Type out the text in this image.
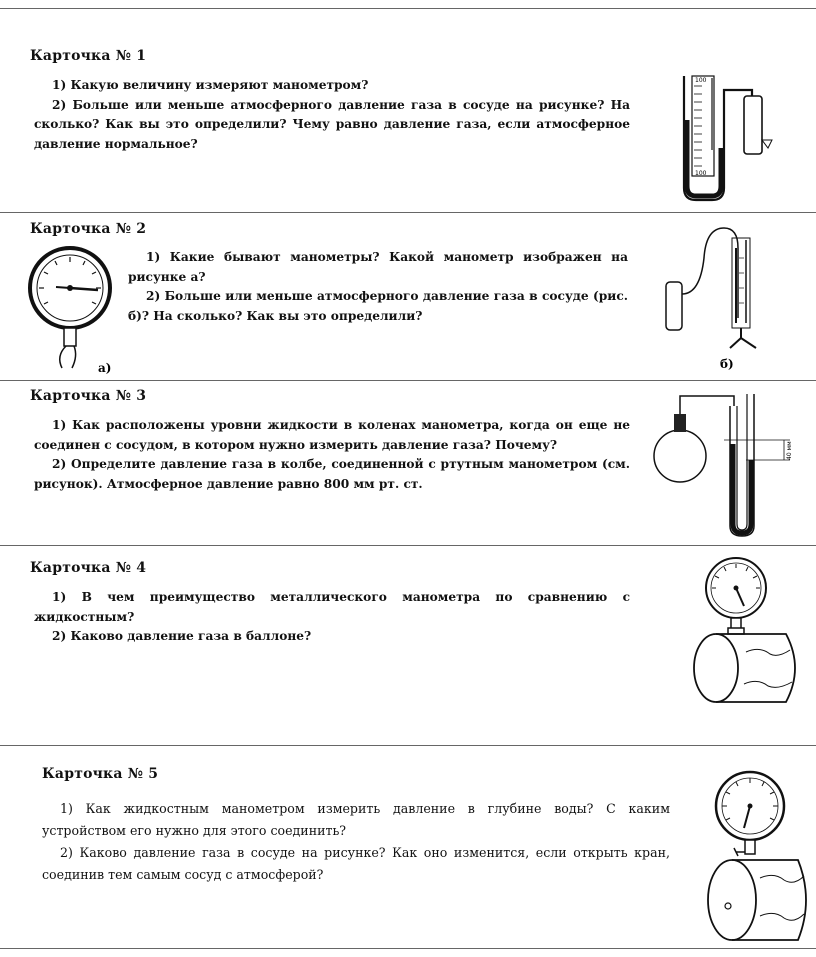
Карточка № 1

1) Какую величину измеряют манометром?

2) Больше или меньше атмосферного давление газа в сосуде на рисунке? На сколько? Как вы это определили? Чему равно давление газа, если атмосферное давление нормальное?

100
100
Карточка № 2

1) Какие бывают манометры? Какой манометр изображен на рисунке а?

2) Больше или меньше атмосферного давление газа в сосуде (рис. б)? На сколько? Как вы это определили?

а)	б)
Карточка № 3

1) Как расположены уровни жидкости в коленах манометра, когда он еще не соединен с сосудом, в котором нужно измерить давление газа? Почему?

2) Определите давление газа в колбе, соединенной с ртутным манометром (см. рисунок). Атмосферное давление равно 800 мм рт. ст.

40 мм
Карточка № 4

1) В чем преимущество металлического манометра по сравнению с жидкостным?

2) Каково давление газа в баллоне?

Карточка № 5

1) Как жидкостным манометром измерить давление в глубине воды? С каким устройством его нужно для этого соединить?

2) Каково давление газа в сосуде на рисунке? Как оно изменится, если открыть кран, соединив тем самым сосуд с атмосферой?
